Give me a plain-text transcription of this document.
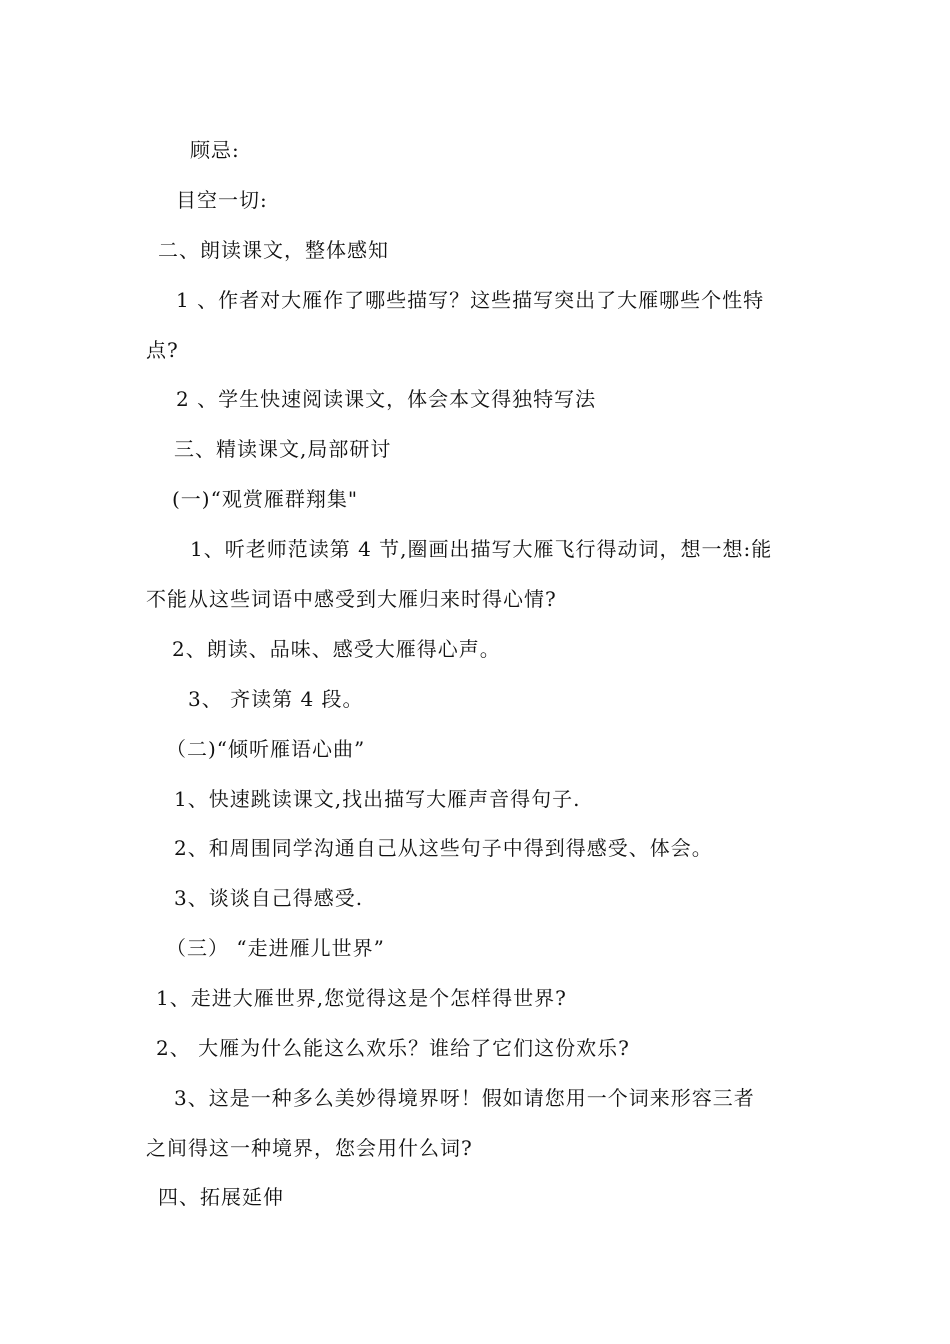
顾忌:
目空一切:
二、朗读课文，整体感知
1 、作者对大雁作了哪些描写？这些描写突出了大雁哪些个性特
点?
2 、学生快速阅读课文，体会本文得独特写法
三、精读课文,局部研讨
(一)“观赏雁群翔集"
1、听老师范读第 4 节,圈画出描写大雁飞行得动词，想一想:能
不能从这些词语中感受到大雁归来时得心情?
2、朗读、品味、感受大雁得心声。
3、 齐读第 4 段。
（二)“倾听雁语心曲”
1、快速跳读课文,找出描写大雁声音得句子.
2、和周围同学沟通自己从这些句子中得到得感受、体会。
3、谈谈自己得感受.
（三） “走进雁儿世界”
1、走进大雁世界,您觉得这是个怎样得世界?
2、 大雁为什么能这么欢乐？谁给了它们这份欢乐?
3、这是一种多么美妙得境界呀！假如请您用一个词来形容三者
之间得这一种境界，您会用什么词?
四、拓展延伸
